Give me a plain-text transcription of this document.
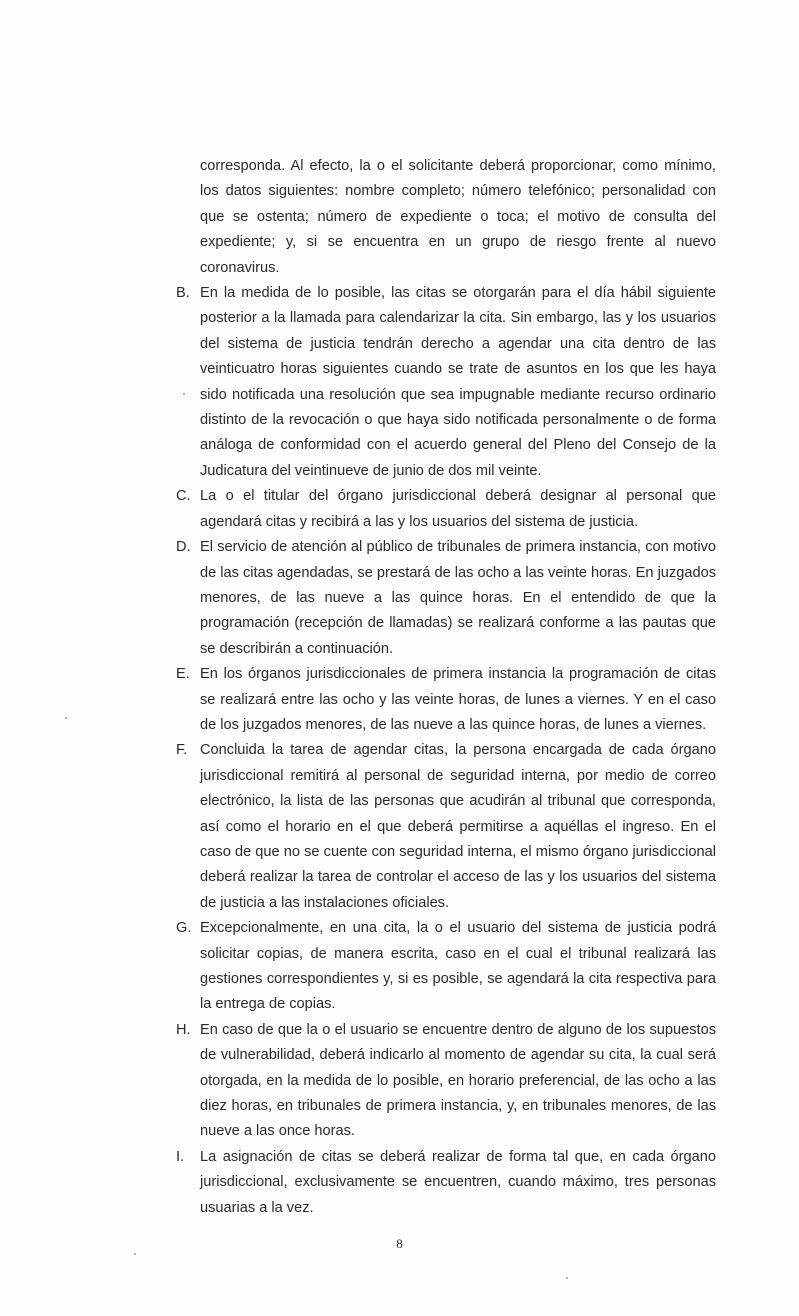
corresponda. Al efecto, la o el solicitante deberá proporcionar, como mínimo, los datos siguientes: nombre completo; número telefónico; personalidad con que se ostenta; número de expediente o toca; el motivo de consulta del expediente; y, si se encuentra en un grupo de riesgo frente al nuevo coronavirus.

B. En la medida de lo posible, las citas se otorgarán para el día hábil siguiente posterior a la llamada para calendarizar la cita. Sin embargo, las y los usuarios del sistema de justicia tendrán derecho a agendar una cita dentro de las veinticuatro horas siguientes cuando se trate de asuntos en los que les haya sido notificada una resolución que sea impugnable mediante recurso ordinario distinto de la revocación o que haya sido notificada personalmente o de forma análoga de conformidad con el acuerdo general del Pleno del Consejo de la Judicatura del veintinueve de junio de dos mil veinte.

C. La o el titular del órgano jurisdiccional deberá designar al personal que agendará citas y recibirá a las y los usuarios del sistema de justicia.

D. El servicio de atención al público de tribunales de primera instancia, con motivo de las citas agendadas, se prestará de las ocho a las veinte horas. En juzgados menores, de las nueve a las quince horas. En el entendido de que la programación (recepción de llamadas) se realizará conforme a las pautas que se describirán a continuación.

E. En los órganos jurisdiccionales de primera instancia la programación de citas se realizará entre las ocho y las veinte horas, de lunes a viernes. Y en el caso de los juzgados menores, de las nueve a las quince horas, de lunes a viernes.

F. Concluida la tarea de agendar citas, la persona encargada de cada órgano jurisdiccional remitirá al personal de seguridad interna, por medio de correo electrónico, la lista de las personas que acudirán al tribunal que corresponda, así como el horario en el que deberá permitirse a aquéllas el ingreso. En el caso de que no se cuente con seguridad interna, el mismo órgano jurisdiccional deberá realizar la tarea de controlar el acceso de las y los usuarios del sistema de justicia a las instalaciones oficiales.

G. Excepcionalmente, en una cita, la o el usuario del sistema de justicia podrá solicitar copias, de manera escrita, caso en el cual el tribunal realizará las gestiones correspondientes y, si es posible, se agendará la cita respectiva para la entrega de copias.

H. En caso de que la o el usuario se encuentre dentro de alguno de los supuestos de vulnerabilidad, deberá indicarlo al momento de agendar su cita, la cual será otorgada, en la medida de lo posible, en horario preferencial, de las ocho a las diez horas, en tribunales de primera instancia, y, en tribunales menores, de las nueve a las once horas.

I. La asignación de citas se deberá realizar de forma tal que, en cada órgano jurisdiccional, exclusivamente se encuentren, cuando máximo, tres personas usuarias a la vez.

8
